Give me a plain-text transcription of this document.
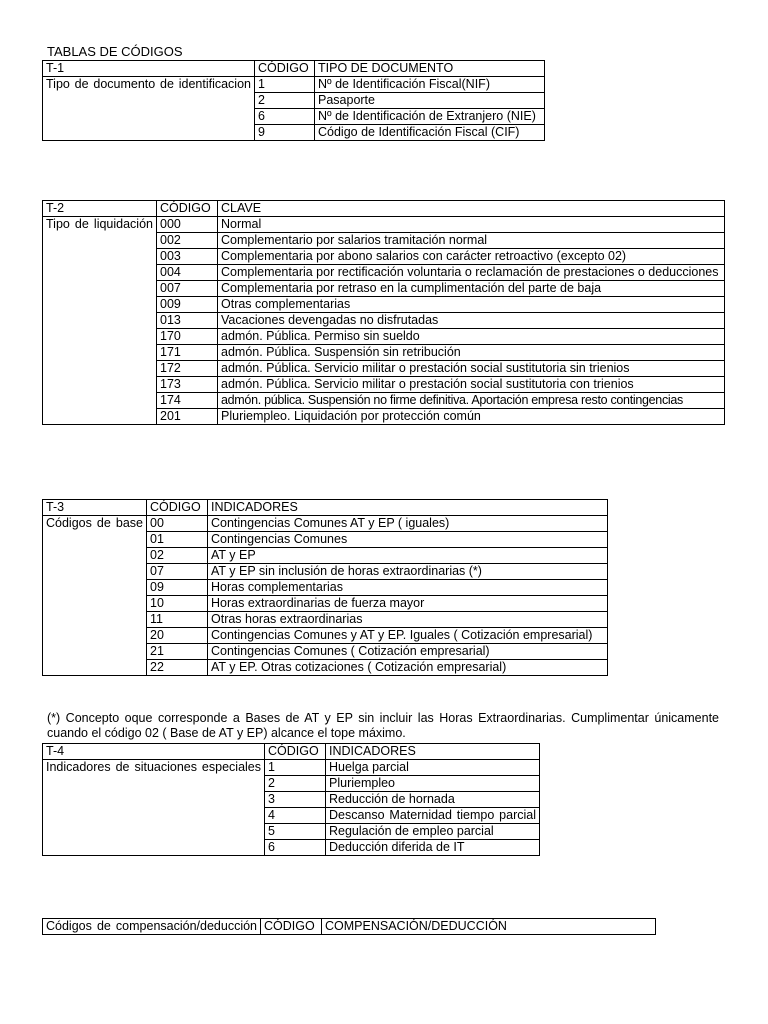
TABLAS DE CÓDIGOS
T-1	CÓDIGO	TIPO DE DOCUMENTO
Tipo de documento de identificacion	1	Nº de Identificación Fiscal(NIF)
	2	Pasaporte
	6	Nº de Identificación de Extranjero (NIE)
	9	Código de Identificación Fiscal (CIF)
T-2	CÓDIGO	CLAVE
Tipo de liquidación	000	Normal
	002	Complementario por salarios tramitación normal
	003	Complementaria por abono salarios con carácter retroactivo (excepto 02)
	004	Complementaria por rectificación voluntaria o reclamación de prestaciones o deducciones
	007	Complementaria por retraso en la cumplimentación del parte de baja
	009	Otras complementarias
	013	Vacaciones devengadas no disfrutadas
	170	admón. Pública. Permiso sin sueldo
	171	admón. Pública. Suspensión sin retribución
	172	admón. Pública. Servicio militar o prestación social sustitutoria sin trienios
	173	admón. Pública. Servicio militar o prestación social sustitutoria con trienios
	174	admón. pública. Suspensión no firme definitiva. Aportación empresa resto contingencias
	201	Pluriempleo. Liquidación por protección común
T-3	CÓDIGO	INDICADORES
Códigos de base	00	Contingencias Comunes AT y EP ( iguales)
	01	Contingencias Comunes
	02	AT y EP
	07	AT y EP sin inclusión de horas extraordinarias (*)
	09	Horas complementarias
	10	Horas extraordinarias de fuerza mayor
	11	Otras horas extraordinarias
	20	Contingencias Comunes y AT y EP. Iguales ( Cotización empresarial)
	21	Contingencias Comunes ( Cotización empresarial)
	22	AT y EP. Otras cotizaciones ( Cotización empresarial)
(*) Concepto oque corresponde a Bases de AT y EP sin incluir las Horas Extraordinarias. Cumplimentar únicamente cuando el código 02 ( Base de AT y EP) alcance el tope máximo.
T-4	CÓDIGO	INDICADORES
Indicadores de situaciones especiales	1	Huelga parcial
	2	Pluriempleo
	3	Reducción de hornada
	4	Descanso Maternidad tiempo parcial
	5	Regulación de empleo parcial
	6	Deducción diferida de IT
Códigos de compensación/deducción	CÓDIGO	COMPENSACIÓN/DEDUCCIÓN
